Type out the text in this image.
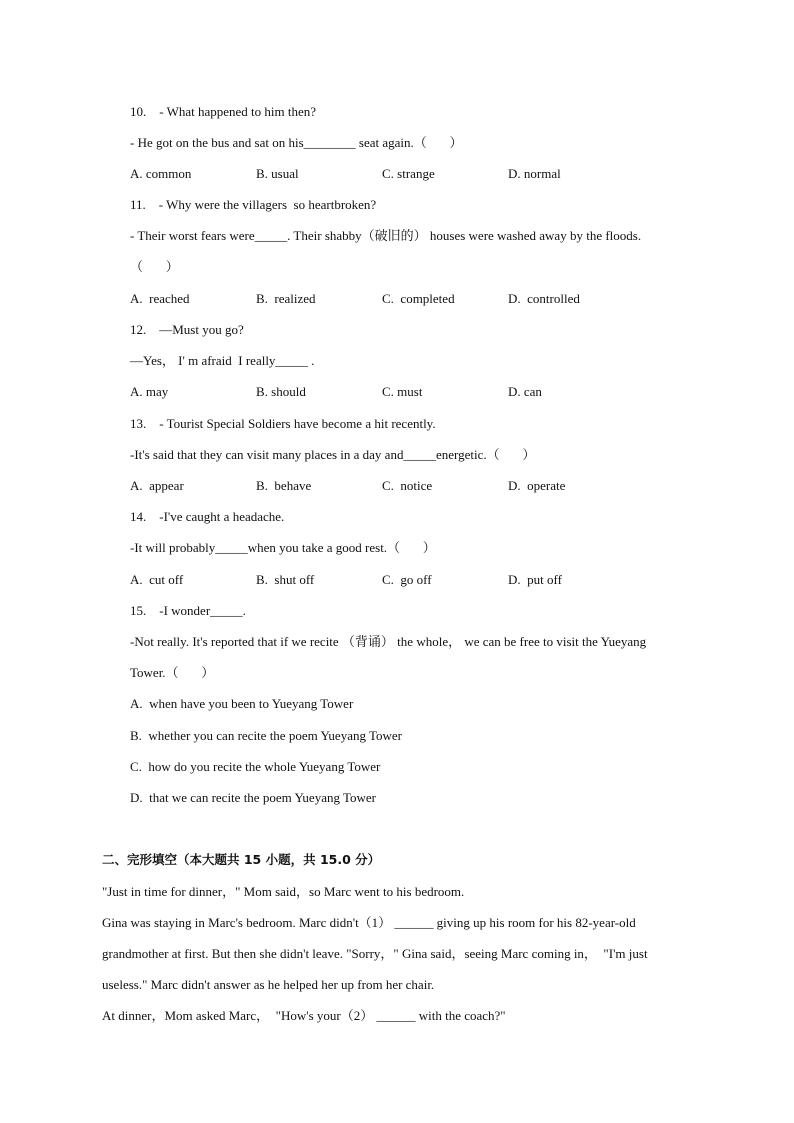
10.    - What happened to him then?
- He got on the bus and sat on his________ seat again.（       ）
A. common	B. usual	C. strange	D. normal
11.    - Why were the villagers  so heartbroken?
- Their worst fears were_____. Their shabby（破旧的） houses were washed away by the floods.
（       ）
A.  reached	B.  realized	C.  completed	D.  controlled
12.    —Must you go?
—Yes， I' m afraid  I really_____ .
A. may	B. should	C. must	D. can
13.    - Tourist Special Soldiers have become a hit recently.
-It's said that they can visit many places in a day and_____energetic.（       ）
A.  appear	B.  behave	C.  notice	D.  operate
14.    -I've caught a headache.
-It will probably_____when you take a good rest.（       ）
A.  cut off	B.  shut off	C.  go off	D.  put off
15.    -I wonder_____.
-Not really. It's reported that if we recite （背诵） the whole， we can be free to visit the Yueyang
Tower.（       ）
A.  when have you been to Yueyang Tower
B.  whether you can recite the poem Yueyang Tower
C.  how do you recite the whole Yueyang Tower
D.  that we can recite the poem Yueyang Tower
二、完形填空（本大题共 15 小题，共 15.0 分）
"Just in time for dinner，" Mom said，so Marc went to his bedroom.
Gina was staying in Marc's bedroom. Marc didn't（1） ______ giving up his room for his 82-year-old
grandmother at first. But then she didn't leave. "Sorry，" Gina said，seeing Marc coming in，  "I'm just
useless." Marc didn't answer as he helped her up from her chair.
At dinner，Mom asked Marc，  "How's your（2） ______ with the coach?"
